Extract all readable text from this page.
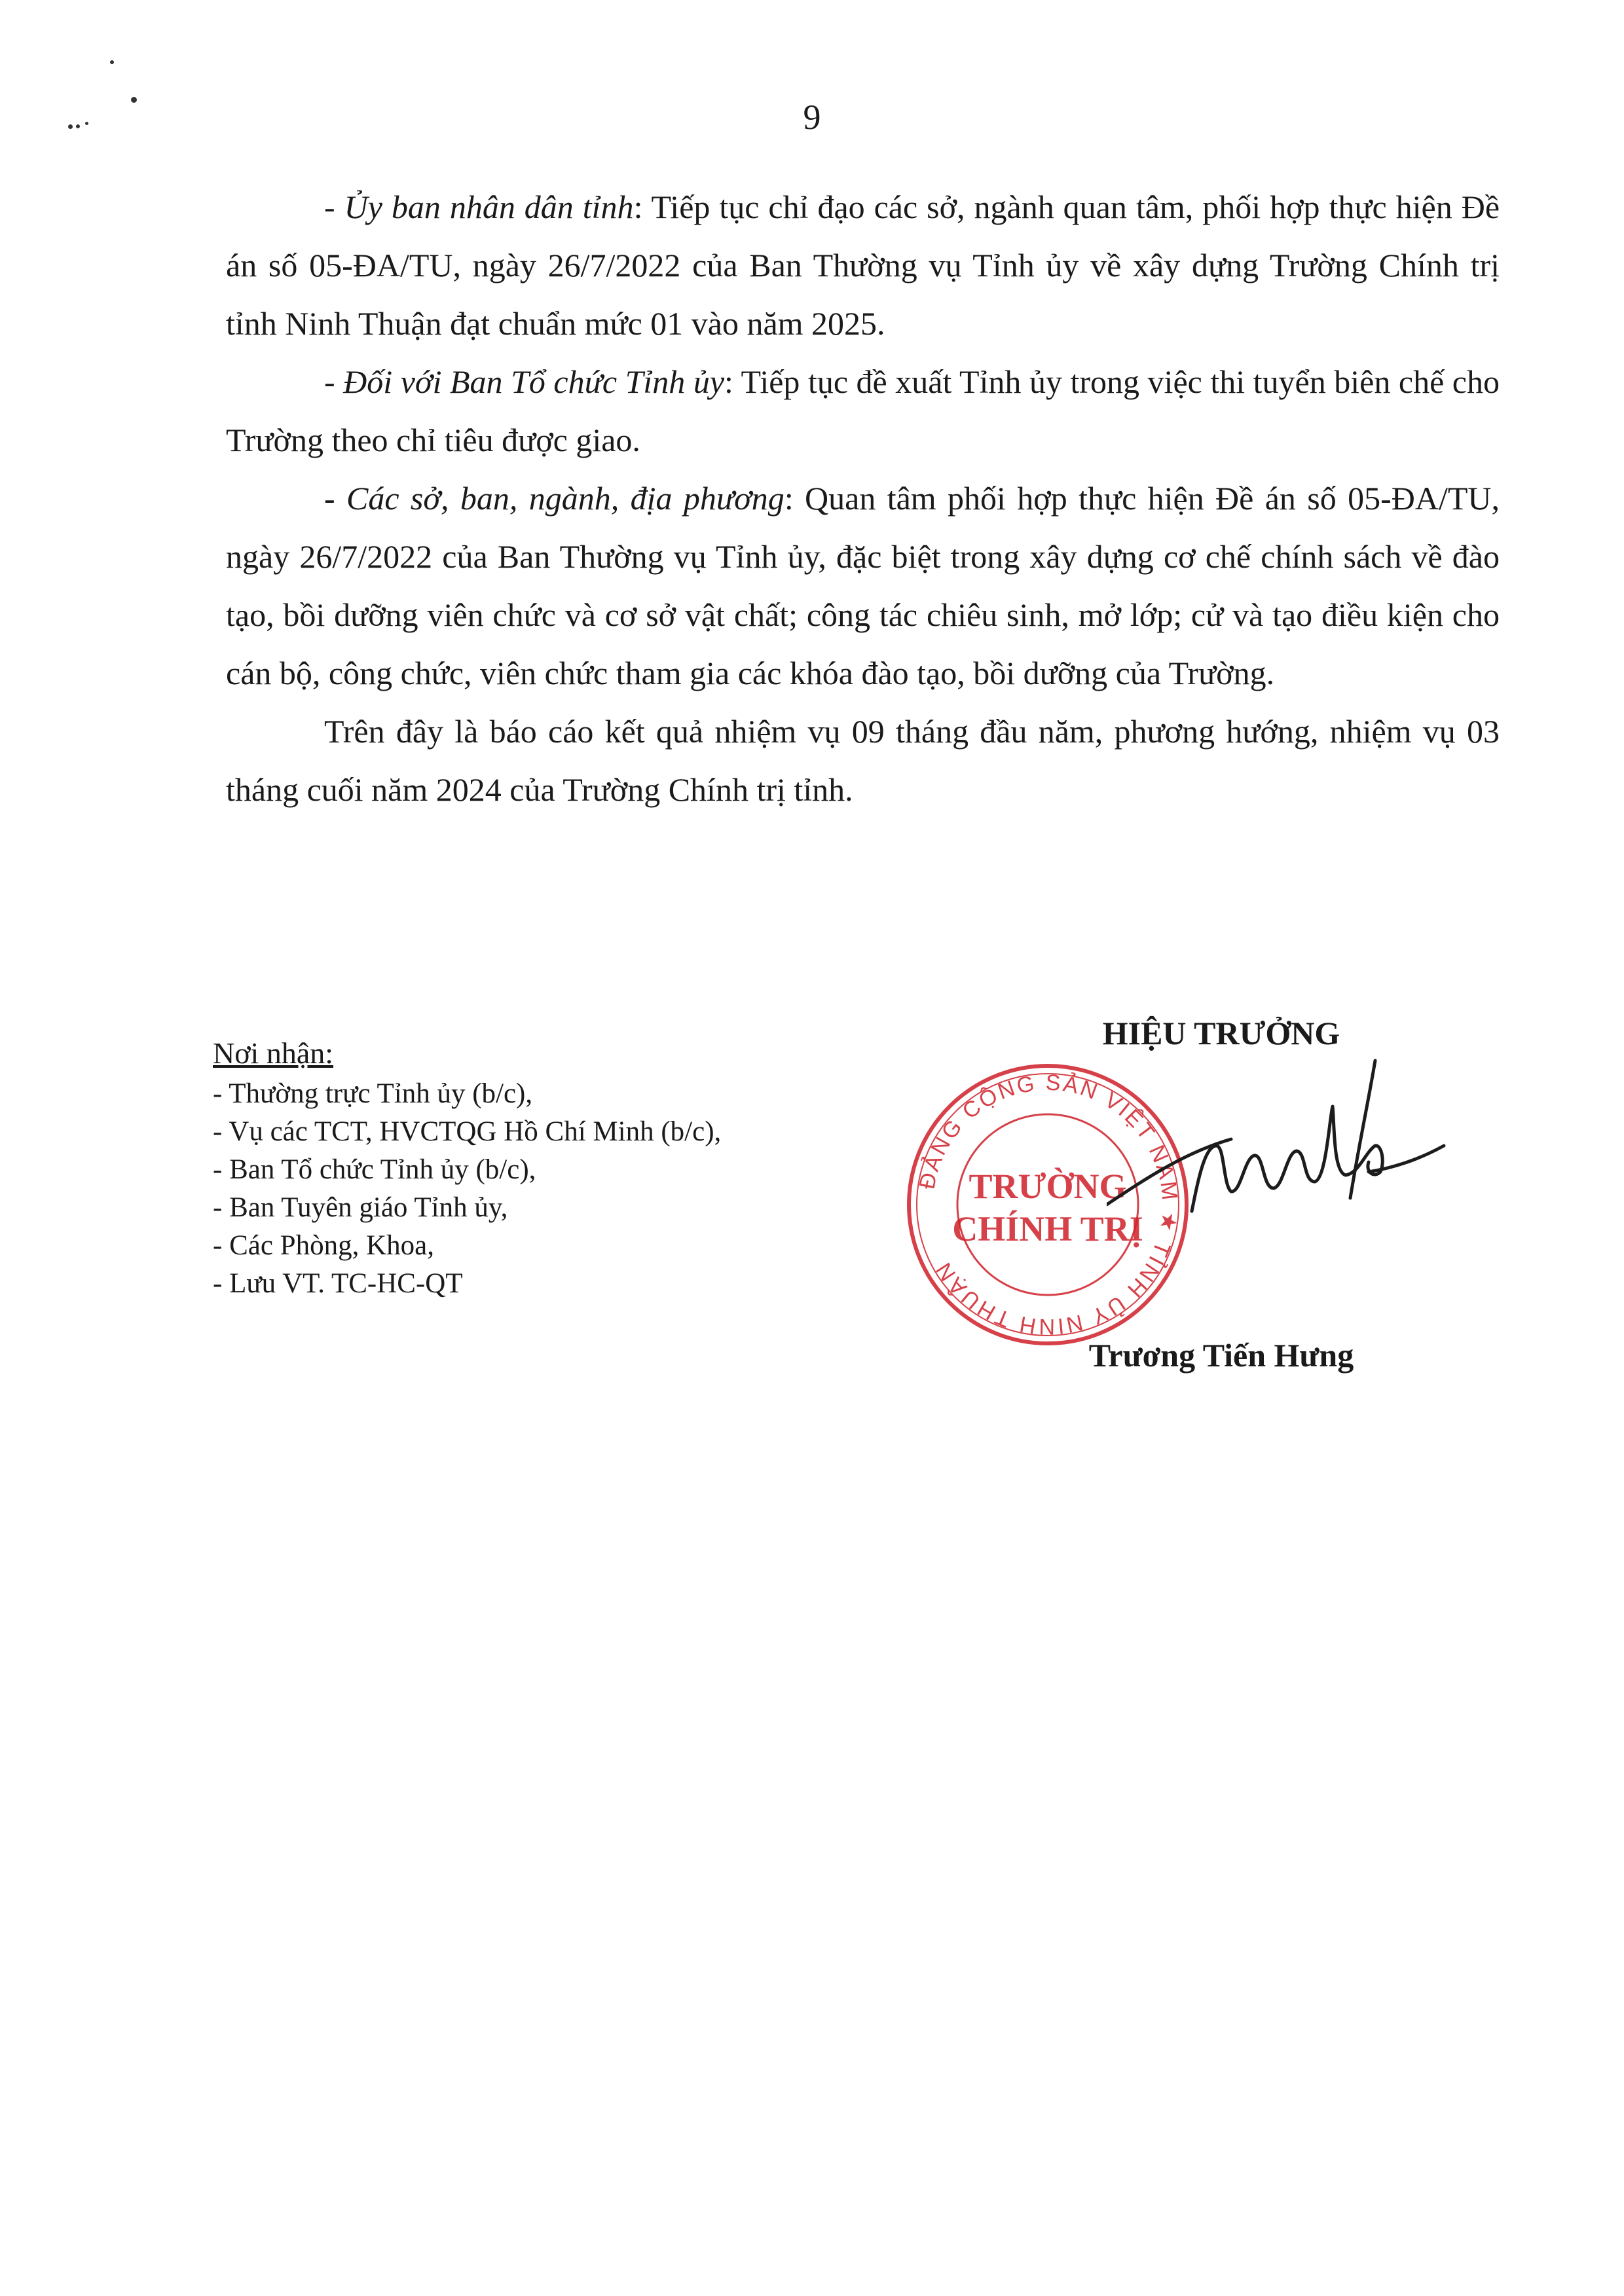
9

- Ủy ban nhân dân tỉnh: Tiếp tục chỉ đạo các sở, ngành quan tâm, phối hợp thực hiện Đề án số 05-ĐA/TU, ngày 26/7/2022 của Ban Thường vụ Tỉnh ủy về xây dựng Trường Chính trị tỉnh Ninh Thuận đạt chuẩn mức 01 vào năm 2025.

- Đối với Ban Tổ chức Tỉnh ủy: Tiếp tục đề xuất Tỉnh ủy trong việc thi tuyển biên chế cho Trường theo chỉ tiêu được giao.

- Các sở, ban, ngành, địa phương: Quan tâm phối hợp thực hiện Đề án số 05-ĐA/TU, ngày 26/7/2022 của Ban Thường vụ Tỉnh ủy, đặc biệt trong xây dựng cơ chế chính sách về đào tạo, bồi dưỡng viên chức và cơ sở vật chất; công tác chiêu sinh, mở lớp; cử và tạo điều kiện cho cán bộ, công chức, viên chức tham gia các khóa đào tạo, bồi dưỡng của Trường.

Trên đây là báo cáo kết quả nhiệm vụ 09 tháng đầu năm, phương hướng, nhiệm vụ 03 tháng cuối năm 2024 của Trường Chính trị tỉnh.

Nơi nhận:
- Thường trực Tỉnh ủy (b/c),
- Vụ các TCT, HVCTQG Hồ Chí Minh (b/c),
- Ban Tổ chức Tỉnh ủy (b/c),
- Ban Tuyên giáo Tỉnh ủy,
- Các Phòng, Khoa,
- Lưu VT. TC-HC-QT
HIỆU TRƯỞNG
ĐẢNG CỘNG SẢN VIỆT NAM ★ TỈNH ỦY NINH THUẬN
TRƯỜNG
CHÍNH TRỊ
Trương Tiến Hưng
